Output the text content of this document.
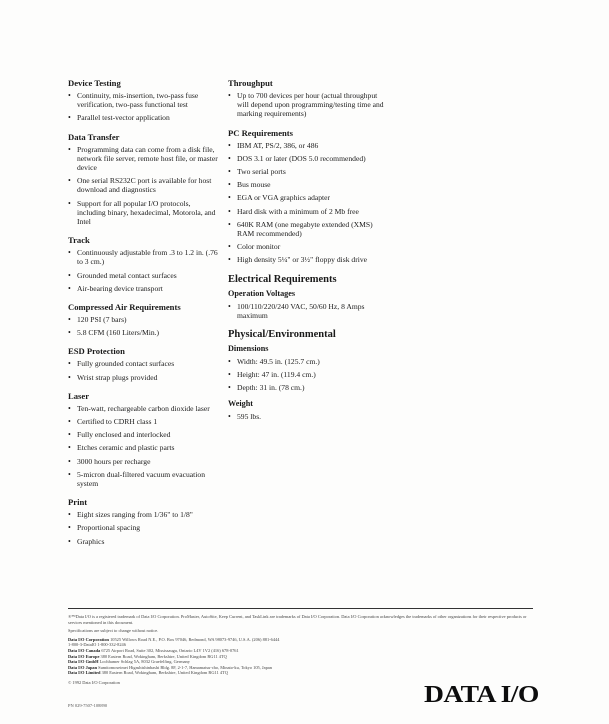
Device Testing
• Continuity, mis-insertion, two-pass fuse verification, two-pass functional test
• Parallel test-vector application
Data Transfer
• Programming data can come from a disk file, network file server, remote host file, or master device
• One serial RS232C port is available for host download and diagnostics
• Support for all popular I/O protocols, including binary, hexadecimal, Motorola, and Intel
Track
• Continuously adjustable from .3 to 1.2 in. (.76 to 3 cm.)
• Grounded metal contact surfaces
• Air-bearing device transport
Compressed Air Requirements
• 120 PSI (7 bars)
• 5.8 CFM (160 Liters/Min.)
ESD Protection
• Fully grounded contact surfaces
• Wrist strap plugs provided
Laser
• Ten-watt, rechargeable carbon dioxide laser
• Certified to CDRH class 1
• Fully enclosed and interlocked
• Etches ceramic and plastic parts
• 3000 hours per recharge
• 5-micron dual-filtered vacuum evacuation system
Print
• Eight sizes ranging from 1/36" to 1/8"
• Proportional spacing
• Graphics
Throughput
• Up to 700 devices per hour (actual throughput will depend upon programming/testing time and marking requirements)
PC Requirements
• IBM AT, PS/2, 386, or 486
• DOS 3.1 or later (DOS 5.0 recommended)
• Two serial ports
• Bus mouse
• EGA or VGA graphics adapter
• Hard disk with a minimum of 2 Mb free
• 640K RAM (one megabyte extended (XMS) RAM recommended)
• Color monitor
• High density 5¼" or 3½" floppy disk drive
Electrical Requirements
Operation Voltages
• 100/110/220/240 VAC, 50/60 Hz, 8 Amps maximum
Physical/Environmental
Dimensions
• Width: 49.5 in. (125.7 cm.)
• Height: 47 in. (119.4 cm.)
• Depth: 31 in. (78 cm.)
Weight
• 595 lbs.

®™Data I/O is a registered trademark of Data I/O Corporation. ProMaster, AutoSite, Keep Current, and TaskLink are trademarks of Data I/O Corporation. Data I/O Corporation acknowledges the trademarks of other organizations for their respective products or services mentioned in this document.

Specifications are subject to change without notice.

Data I/O Corporation 10525 Willows Road N.E., P.O. Box 97046, Redmond, WA 98073-9746, U.S.A. (206) 881-6444
1-800-3-DataIO 1-800-332-8246
Data I/O Canada 6725 Airport Road, Suite 302, Mississauga, Ontario L4V 1V2 (416) 678-0761
Data I/O Europe 380 Eastern Road, Wokingham, Berkshire, United Kingdom RG11 4TQ
Data I/O GmbH Lochhamer Schlag 5A, 8032 Graefelfing, Germany
Data I/O Japan Sumitomoseimei Higashishinbashi Bldg. 8F, 2-1-7, Hamamatsu-cho, Minato-ku, Tokyo 105, Japan
Data I/O Limited 380 Eastern Road, Wokingham, Berkshire, United Kingdom RG11 4TQ

© 1992 Data I/O Corporation

PN 029-7507-108890	DATA I/O
